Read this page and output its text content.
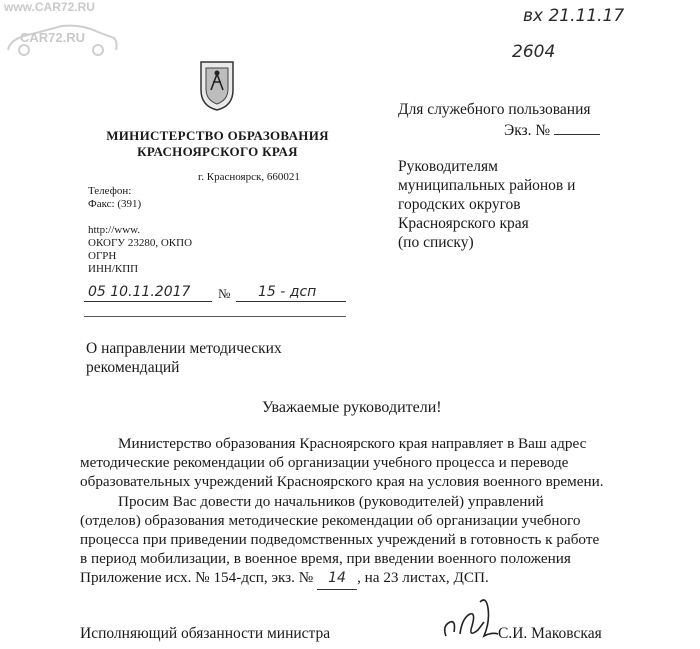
www.CAR72.RU
CAR72.RU
вх 21.11.17
2604
МИНИСТЕРСТВО ОБРАЗОВАНИЯ
КРАСНОЯРСКОГО КРАЯ
г. Красноярск, 660021
Телефон:
Факс: (391)
http://www.
ОКОГУ 23280, ОКПО
ОГРН
ИНН/КПП
05 10.11.2017 № 15 - дсп
Для служебного пользования
Экз. №
Руководителям
муниципальных районов и
городских округов
Красноярского края
(по списку)
О направлении методических
рекомендаций
Уважаемые руководители!
Министерство образования Красноярского края направляет в Ваш адрес
методические рекомендации об организации учебного процесса и переводе
образовательных учреждений Красноярского края на условия военного времени.
Просим Вас довести до начальников (руководителей) управлений
(отделов) образования методические рекомендации об организации учебного
процесса при приведении подведомственных учреждений в готовность к работе
в период мобилизации, в военное время, при введении военного положения
Приложение исх. № 154-дсп, экз. № 14 , на 23 листах, ДСП.
Исполняющий обязанности министра	С.И. Маковская
